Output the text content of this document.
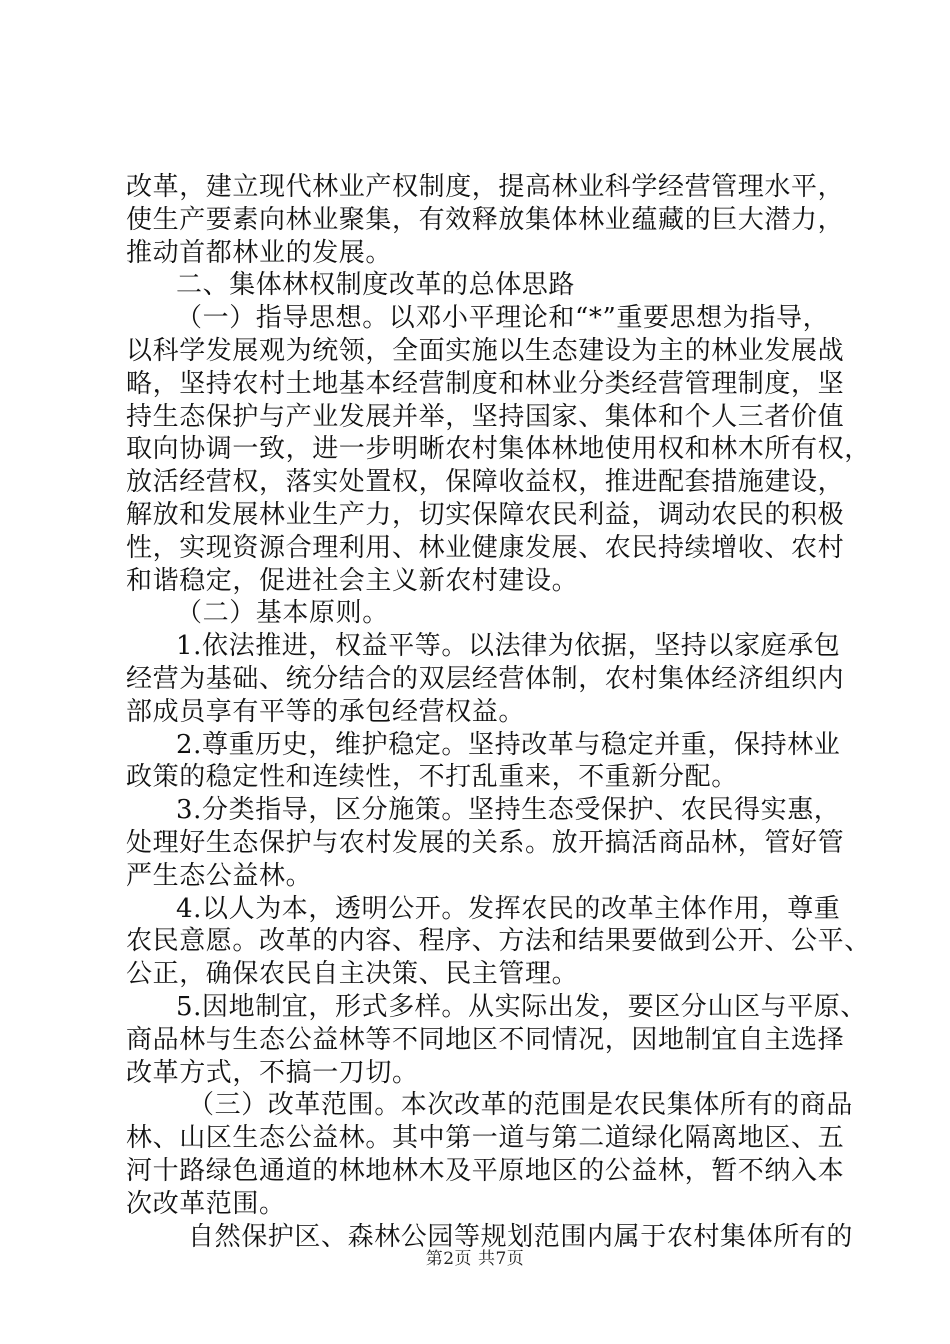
改革，建立现代林业产权制度，提高林业科学经营管理水平，
使生产要素向林业聚集，有效释放集体林业蕴藏的巨大潜力，
推动首都林业的发展。
二、集体林权制度改革的总体思路
（一）指导思想。以邓小平理论和“*”重要思想为指导，
以科学发展观为统领，全面实施以生态建设为主的林业发展战
略，坚持农村土地基本经营制度和林业分类经营管理制度，坚
持生态保护与产业发展并举，坚持国家、集体和个人三者价值
取向协调一致，进一步明晰农村集体林地使用权和林木所有权，
放活经营权，落实处置权，保障收益权，推进配套措施建设，
解放和发展林业生产力，切实保障农民利益，调动农民的积极
性，实现资源合理利用、林业健康发展、农民持续增收、农村
和谐稳定，促进社会主义新农村建设。
（二）基本原则。
1.依法推进，权益平等。以法律为依据，坚持以家庭承包
经营为基础、统分结合的双层经营体制，农村集体经济组织内
部成员享有平等的承包经营权益。
2.尊重历史，维护稳定。坚持改革与稳定并重，保持林业
政策的稳定性和连续性，不打乱重来，不重新分配。
3.分类指导，区分施策。坚持生态受保护、农民得实惠，
处理好生态保护与农村发展的关系。放开搞活商品林，管好管
严生态公益林。
4.以人为本，透明公开。发挥农民的改革主体作用，尊重
农民意愿。改革的内容、程序、方法和结果要做到公开、公平、
公正，确保农民自主决策、民主管理。
5.因地制宜，形式多样。从实际出发，要区分山区与平原、
商品林与生态公益林等不同地区不同情况，因地制宜自主选择
改革方式，不搞一刀切。
（三）改革范围。本次改革的范围是农民集体所有的商品
林、山区生态公益林。其中第一道与第二道绿化隔离地区、五
河十路绿色通道的林地林木及平原地区的公益林，暂不纳入本
次改革范围。
自然保护区、森林公园等规划范围内属于农村集体所有的
第2页 共7页
